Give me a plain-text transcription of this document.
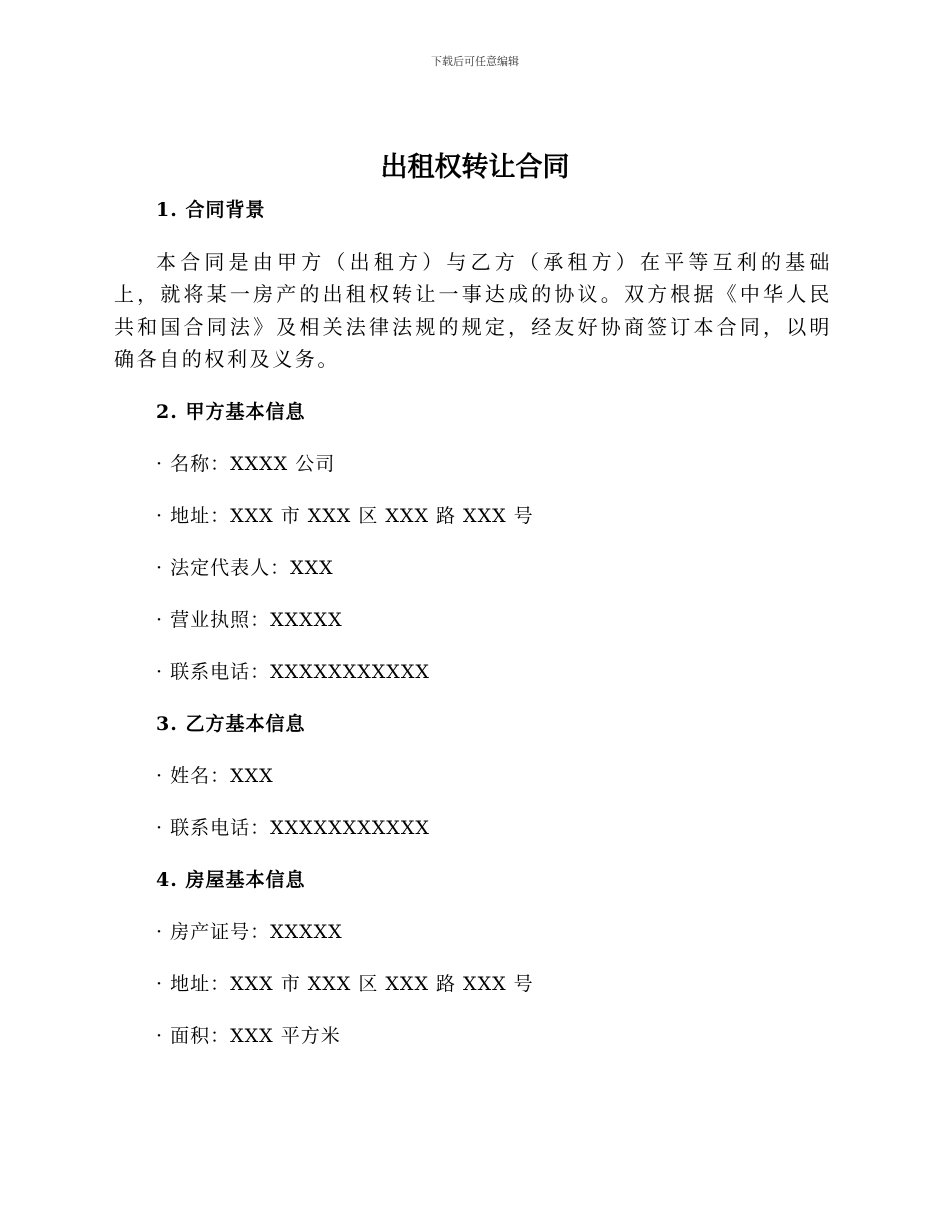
下载后可任意编辑
出租权转让合同

1. 合同背景

本合同是由甲方（出租方）与乙方（承租方）在平等互利的基础上，就将某一房产的出租权转让一事达成的协议。双方根据《中华人民共和国合同法》及相关法律法规的规定，经友好协商签订本合同，以明确各自的权利及义务。

2. 甲方基本信息

· 名称：XXXX 公司

· 地址：XXX 市 XXX 区 XXX 路 XXX 号

· 法定代表人：XXX

· 营业执照：XXXXX

· 联系电话：XXXXXXXXXXX

3. 乙方基本信息

· 姓名：XXX

· 联系电话：XXXXXXXXXXX

4. 房屋基本信息

· 房产证号：XXXXX

· 地址：XXX 市 XXX 区 XXX 路 XXX 号

· 面积：XXX 平方米
